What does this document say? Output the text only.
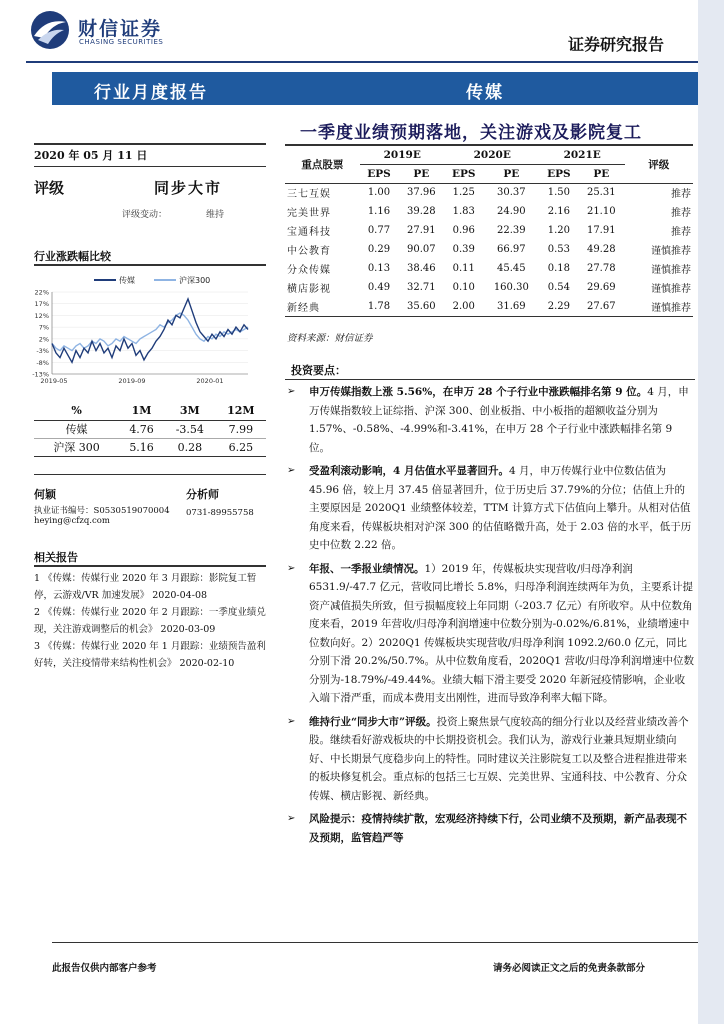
财信证券
CHASING SECURITIES	证券研究报告
行业月度报告	传媒
一季度业绩预期落地，关注游戏及影院复工
2020 年 05 月 11 日
评级	同步大市
评级变动：	维持
行业涨跌幅比较
22%
17%
12%
7%
2%
-3%
-8%
-13%
2019-05	2019-09	2020-01
传媒	沪深300
%	1M	3M	12M
传媒	4.76	-3.54	7.99
沪深 300	5.16	0.28	6.25
何颖	分析师
执业证书编号：S0530519070004 0731-89955758
heying@cfzq.com
相关报告

1 《传媒：传媒行业 2020 年 3 月跟踪：影院复工暂停，云游戏/VR 加速发展》 2020-04-08

2 《传媒：传媒行业 2020 年 2 月跟踪：一季度业绩兑现，关注游戏调整后的机会》 2020-03-09

3 《传媒：传媒行业 2020 年 1 月跟踪：业绩预告盈利好转，关注疫情带来结构性机会》 2020-02-10

重点股票	2019E		2020E		2021E		评级
	EPS	PE	EPS	PE	EPS	PE	
三七互娱	1.00	37.96	1.25	30.37	1.50	25.31	推荐
完美世界	1.16	39.28	1.83	24.90	2.16	21.10	推荐
宝通科技	0.77	27.91	0.96	22.39	1.20	17.91	推荐
中公教育	0.29	90.07	0.39	66.97	0.53	49.28	谨慎推荐
分众传媒	0.13	38.46	0.11	45.45	0.18	27.78	谨慎推荐
横店影视	0.49	32.71	0.10	160.30	0.54	29.69	谨慎推荐
新经典	1.78	35.60	2.00	31.69	2.29	27.67	谨慎推荐
资料来源：财信证券
投资要点：
➢ 申万传媒指数上涨 5.56%，在申万 28 个子行业中涨跌幅排名第 9 位。4 月，申万传媒指数较上证综指、沪深 300、创业板指、中小板指的超额收益分别为 1.57%、-0.58%、-4.99%和-3.41%，在申万 28 个子行业中涨跌幅排名第 9 位。
➢ 受盈利滚动影响，4 月估值水平显著回升。4 月，申万传媒行业中位数估值为 45.96 倍，较上月 37.45 倍显著回升，位于历史后 37.79%的分位；估值上升的主要原因是 2020Q1 业绩整体较差，TTM 计算方式下估值向上攀升。从相对估值角度来看，传媒板块相对沪深 300 的估值略微升高，处于 2.03 倍的水平，低于历史中位数 2.22 倍。
➢ 年报、一季报业绩情况。1）2019 年，传媒板块实现营收/归母净利润 6531.9/-47.7 亿元，营收同比增长 5.8%，归母净利润连续两年为负，主要系计提资产减值损失所致，但亏损幅度较上年同期（-203.7 亿元）有所收窄。从中位数角度来看，2019 年营收/归母净利润增速中位数分别为-0.02%/6.81%，业绩增速中位数向好。2）2020Q1 传媒板块实现营收/归母净利润 1092.2/60.0 亿元，同比分别下滑 20.2%/50.7%。从中位数角度看，2020Q1 营收/归母净利润增速中位数分别为-18.79%/-49.44%。业绩大幅下滑主要受 2020 年新冠疫情影响，企业收入端下滑严重，而成本费用支出刚性，进而导致净利率大幅下降。
➢ 维持行业“同步大市”评级。投资上聚焦景气度较高的细分行业以及经营业绩改善个股。继续看好游戏板块的中长期投资机会。我们认为，游戏行业兼具短期业绩向好、中长期景气度稳步向上的特性。同时建议关注影院复工以及整合进程推进带来的板块修复机会。重点标的包括三七互娱、完美世界、宝通科技、中公教育、分众传媒、横店影视、新经典。
➢ 风险提示：疫情持续扩散，宏观经济持续下行，公司业绩不及预期，新产品表现不及预期，监管趋严等
此报告仅供内部客户参考	请务必阅读正文之后的免责条款部分
